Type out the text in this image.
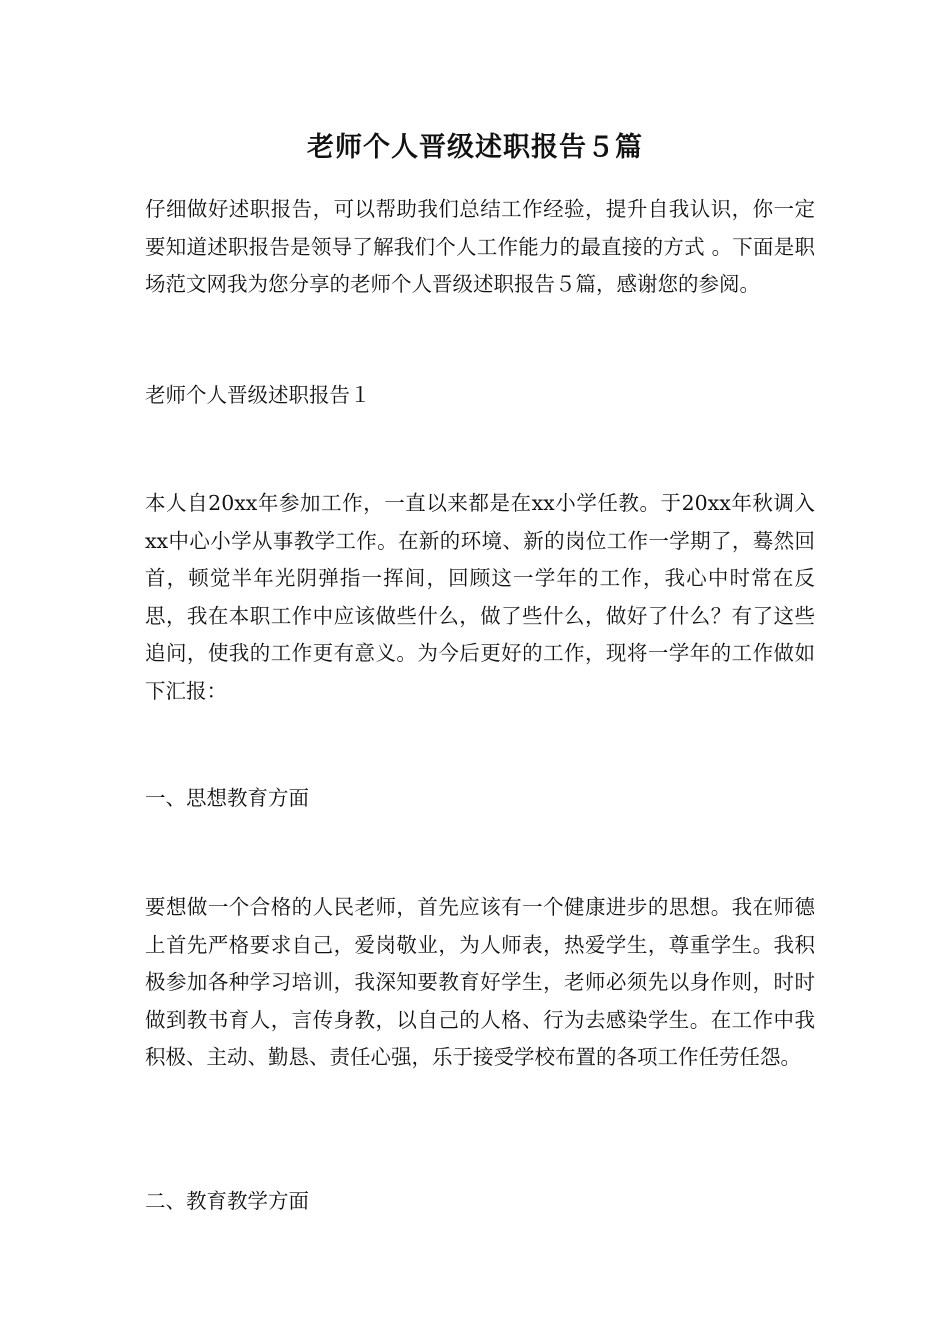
老师个人晋级述职报告５篇

仔细做好述职报告，可以帮助我们总结工作经验，提升自我认识，你一定要知道述职报告是领导了解我们个人工作能力的最直接的方式 。下面是职场范文网我为您分享的老师个人晋级述职报告５篇，感谢您的参阅。

老师个人晋级述职报告１

本人自20xx年参加工作，一直以来都是在xx小学任教。于20xx年秋调入xx中心小学从事教学工作。在新的环境、新的岗位工作一学期了，蓦然回首，顿觉半年光阴弹指一挥间，回顾这一学年的工作，我心中时常在反思，我在本职工作中应该做些什么，做了些什么，做好了什么？有了这些追问，使我的工作更有意义。为今后更好的工作，现将一学年的工作做如下汇报：

一、思想教育方面

要想做一个合格的人民老师，首先应该有一个健康进步的思想。我在师德上首先严格要求自己，爱岗敬业，为人师表，热爱学生，尊重学生。我积极参加各种学习培训，我深知要教育好学生，老师必须先以身作则，时时做到教书育人，言传身教，以自己的人格、行为去感染学生。在工作中我积极、主动、勤恳、责任心强，乐于接受学校布置的各项工作任劳任怨。

二、教育教学方面
